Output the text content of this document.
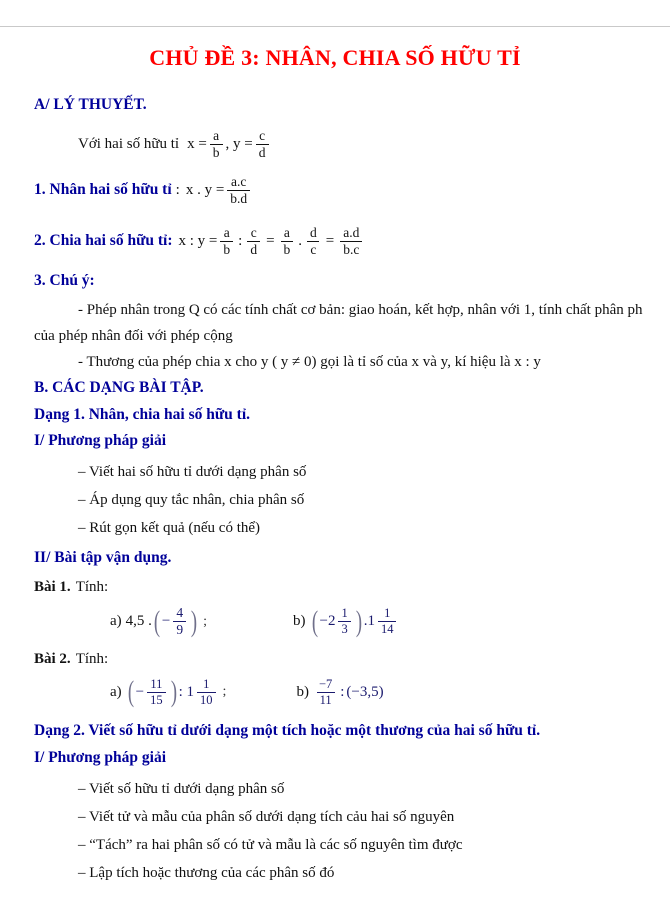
CHỦ ĐỀ 3: NHÂN, CHIA SỐ HỮU TỈ
A/ LÝ THUYẾT.
Với hai số hữu tỉ $x = \frac{a}{b}$ , $y = \frac{c}{d}$
1. Nhân hai số hữu tỉ : x . $y = \frac{a.c}{b.d}$
2. Chia hai số hữu tỉ: x : $y = \frac{a}{b}$ : $\frac{c}{d} = \frac{a}{b}$ . $\frac{d}{c} = \frac{a.d}{b.c}$
3. Chú ý:
- Phép nhân trong Q có các tính chất cơ bản: giao hoán, kết hợp, nhân với 1, tính chất phân ph
của phép nhân đối với phép cộng
- Thương của phép chia x cho y ( y ≠ 0) gọi là tỉ số của x và y, kí hiệu là x : y
B. CÁC DẠNG BÀI TẬP.
Dạng 1. Nhân, chia hai số hữu tỉ.
I/ Phương pháp giải
– Viết hai số hữu tỉ dưới dạng phân số
– Áp dụng quy tắc nhân, chia phân số
– Rút gọn kết quả (nếu có thể)
II/ Bài tập vận dụng.
Bài 1. Tính:
a) 4,5 . ( − $\frac{4}{9}$ ) ;	b) ( $-2 \frac{1}{3}$ ) $.1 \frac{1}{14}$
Bài 2. Tính:
a) ( − $\frac{11}{15}$ ) : $1 \frac{1}{10}$ ;	$b) \frac{-7}{11}$ : (−3,5)
Dạng 2. Viết số hữu tỉ dưới dạng một tích hoặc một thương của hai số hữu tỉ.
I/ Phương pháp giải
– Viết số hữu tỉ dưới dạng phân số
– Viết tử và mẫu của phân số dưới dạng tích cảu hai số nguyên
– “Tách” ra hai phân số có tử và mẫu là các số nguyên tìm được
– Lập tích hoặc thương của các phân số đó
